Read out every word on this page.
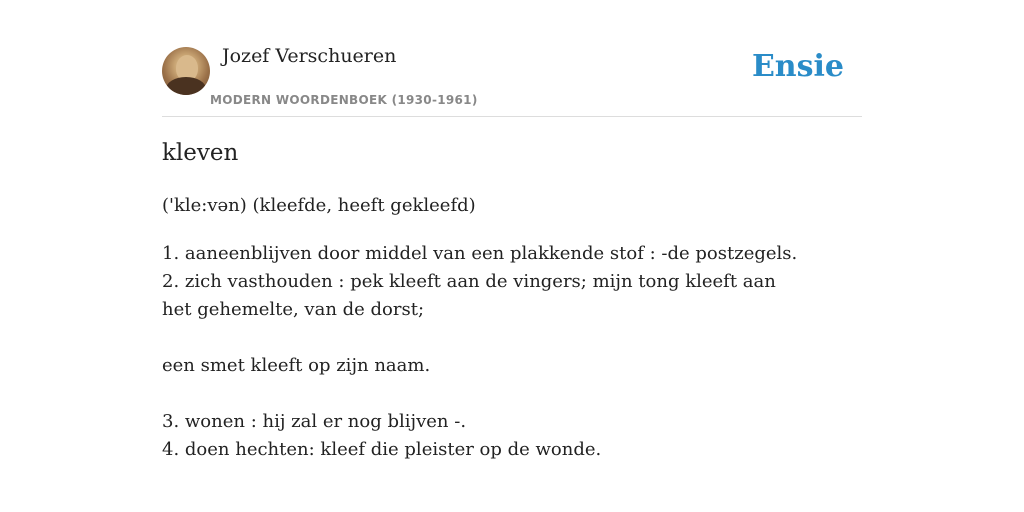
Jozef Verschueren
MODERN WOORDENBOEK (1930-1961)
Ensie
kleven
('kle:vən) (kleefde, heeft gekleefd)

1. aaneenblijven door middel van een plakkende stof : -de postzegels.

2. zich vasthouden : pek kleeft aan de vingers; mijn tong kleeft aan het gehemelte, van de dorst;

een smet kleeft op zijn naam.

3. wonen : hij zal er nog blijven -.

4. doen hechten: kleef die pleister op de wonde.
